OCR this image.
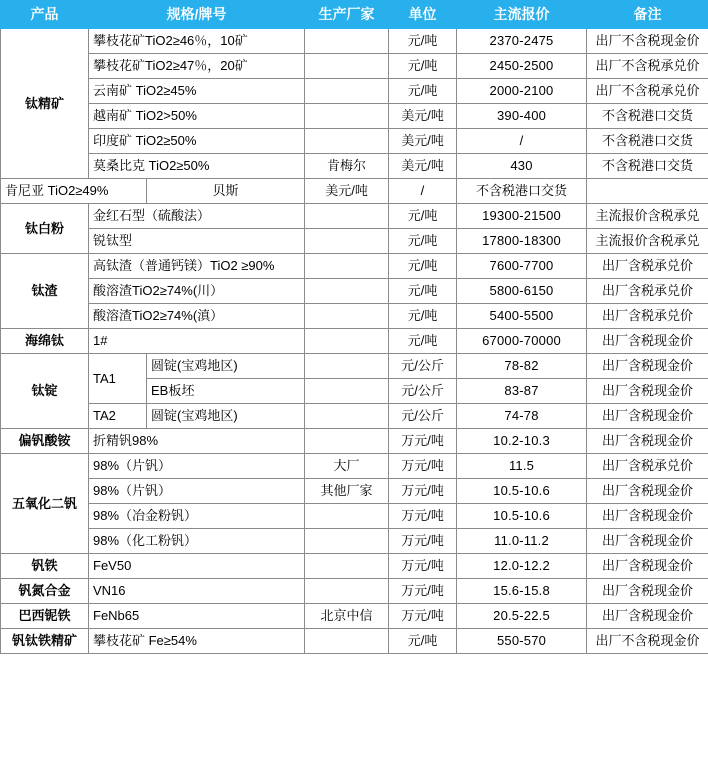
产品	规格/牌号		生产厂家	单位	主流报价	备注
钛精矿	攀枝花矿TiO2≥46％，10矿			元/吨	2370-2475	出厂不含税现金价
	攀枝花矿TiO2≥47％，20矿			元/吨	2450-2500	出厂不含税承兑价
	云南矿 TiO2≥45%			元/吨	2000-2100	出厂不含税承兑价
	越南矿 TiO2>50%			美元/吨	390-400	不含税港口交货
	印度矿 TiO2≥50%			美元/吨	/	不含税港口交货
	莫桑比克 TiO2≥50%		肯梅尔	美元/吨	430	不含税港口交货
肯尼亚 TiO2≥49%		贝斯	美元/吨	/	不含税港口交货	
钛白粉	金红石型（硫酸法）			元/吨	19300-21500	主流报价含税承兑
	锐钛型			元/吨	17800-18300	主流报价含税承兑
钛渣	高钛渣（普通钙镁）TiO2 ≥90%			元/吨	7600-7700	出厂含税承兑价
	酸溶渣TiO2≥74%(川）			元/吨	5800-6150	出厂含税承兑价
	酸溶渣TiO2≥74%(滇）			元/吨	5400-5500	出厂含税承兑价
海绵钛	1#			元/吨	67000-70000	出厂含税现金价
钛锭	TA1	圆锭(宝鸡地区)		元/公斤	78-82	出厂含税现金价
		EB板坯		元/公斤	83-87	出厂含税现金价
	TA2	圆锭(宝鸡地区)		元/公斤	74-78	出厂含税现金价
偏钒酸铵	折精钒98%			万元/吨	10.2-10.3	出厂含税现金价
五氧化二钒	98%（片钒）		大厂	万元/吨	11.5	出厂含税承兑价
	98%（片钒）		其他厂家	万元/吨	10.5-10.6	出厂含税现金价
	98%（冶金粉钒）			万元/吨	10.5-10.6	出厂含税现金价
	98%（化工粉钒）			万元/吨	11.0-11.2	出厂含税现金价
钒铁	FeV50			万元/吨	12.0-12.2	出厂含税现金价
钒氮合金	VN16			万元/吨	15.6-15.8	出厂含税现金价
巴西铌铁	FeNb65		北京中信	万元/吨	20.5-22.5	出厂含税现金价
钒钛铁精矿	攀枝花矿 Fe≥54%			元/吨	550-570	出厂不含税现金价
